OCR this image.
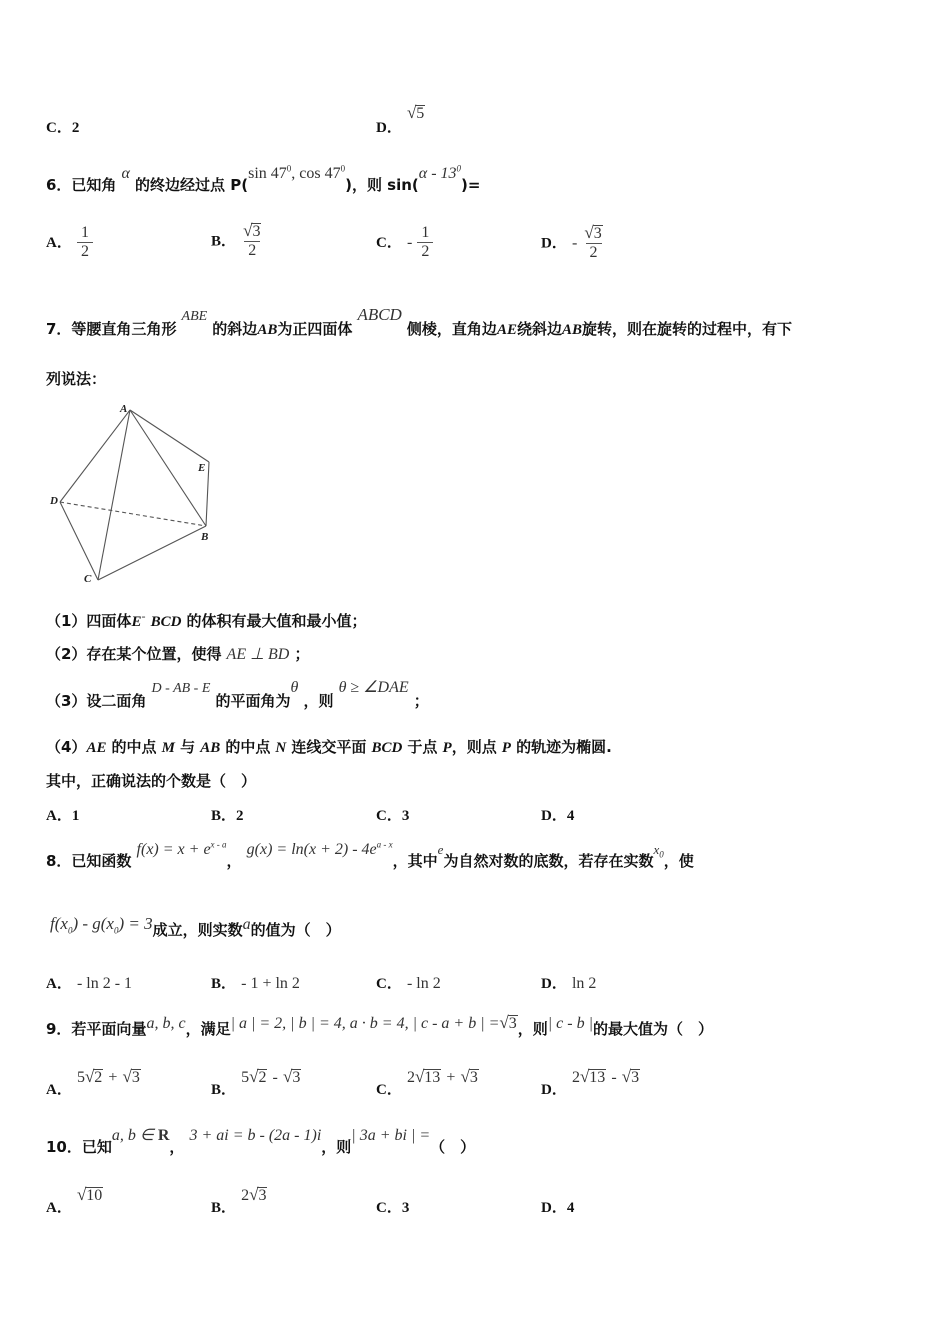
C．2	D．
√ 5
6．已知角 α 的终边经过点 P(sin $47^0$, $\cos 47^0$)，则 $\sin(\alpha - 13^0)=$
A． $\frac{1}{2}$	B． $\frac{√ 3}{2}$	C． - $\frac{1}{2}$	D． - $\frac{√ 3}{2}$
7．等腰直角三角形 ABE 的斜边AB为正四面体 ABCD 侧棱，直角边AE绕斜边AB旋转，则在旋转的过程中，有下
列说法：
A
B
C
D
E
（1）四面体E- BCD 的体积有最大值和最小值；
（2）存在某个位置，使得 AE ⊥ BD ；
（3）设二面角 D - AB - E 的平面角为θ ，则 θ ≥ ∠DAE ；
（4）AE 的中点 M 与 AB 的中点 N 连线交平面 BCD 于点 P，则点 P 的轨迹为椭圆.
其中，正确说法的个数是（　）
A．1	B．2	C．3	D．4
8．已知函数 $f(x) = x + e^{x - a}$， $g(x) = \ln(x + 2) - 4e^{a - x}$，其中e为自然对数的底数，若存在实数$x_0$，使
$f(x_0) - g(x_0) = 3$成立，则实数a的值为（　）
A． - ln 2 - 1	B． - 1 + ln 2	C． - ln 2	D． ln 2
9．若平面向量a, b, c，满足| a | = 2, | b | = 4, a · b = 4, | c - a + b | = √ 3 ，则| c - b |的最大值为（　）
A． 5 √ 2 + √ 3
B． 5 √ 2 - √ 3
C． 2 √ 13 + √ 3
D． 2 √ 13 - √ 3
10．已知a, b ∈ R， 3 + ai = b - (2a - 1)i，则| 3a + bi | =（　）
A．
√ 10
B． 2 √ 3
C．3	D．4
